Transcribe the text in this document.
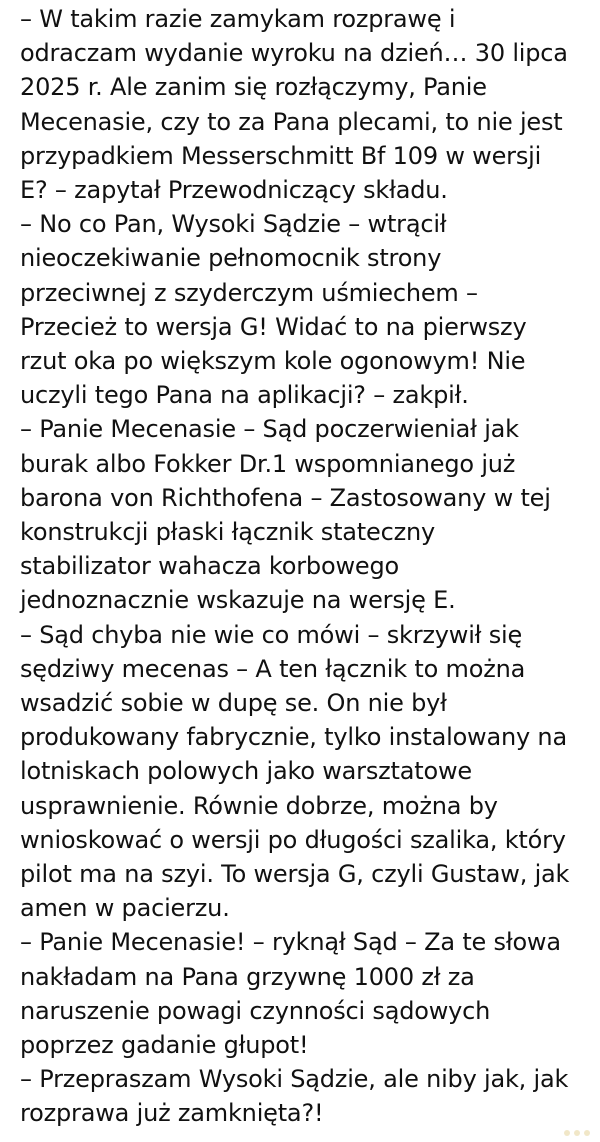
– W takim razie zamykam rozprawę i
odraczam wydanie wyroku na dzień… 30 lipca
2025 r. Ale zanim się rozłączymy, Panie
Mecenasie, czy to za Pana plecami, to nie jest
przypadkiem Messerschmitt Bf 109 w wersji
E? – zapytał Przewodniczący składu.
– No co Pan, Wysoki Sądzie – wtrącił
nieoczekiwanie pełnomocnik strony
przeciwnej z szyderczym uśmiechem –
Przecież to wersja G! Widać to na pierwszy
rzut oka po większym kole ogonowym! Nie
uczyli tego Pana na aplikacji? – zakpił.
– Panie Mecenasie – Sąd poczerwieniał jak
burak albo Fokker Dr.1 wspomnianego już
barona von Richthofena – Zastosowany w tej
konstrukcji płaski łącznik stateczny
stabilizator wahacza korbowego
jednoznacznie wskazuje na wersję E.
– Sąd chyba nie wie co mówi – skrzywił się
sędziwy mecenas – A ten łącznik to można
wsadzić sobie w dupę se. On nie był
produkowany fabrycznie, tylko instalowany na
lotniskach polowych jako warsztatowe
usprawnienie. Równie dobrze, można by
wnioskować o wersji po długości szalika, który
pilot ma na szyi. To wersja G, czyli Gustaw, jak
amen w pacierzu.
– Panie Mecenasie! – ryknął Sąd – Za te słowa
nakładam na Pana grzywnę 1000 zł za
naruszenie powagi czynności sądowych
poprzez gadanie głupot!
– Przepraszam Wysoki Sądzie, ale niby jak, jak
rozprawa już zamknięta?!
